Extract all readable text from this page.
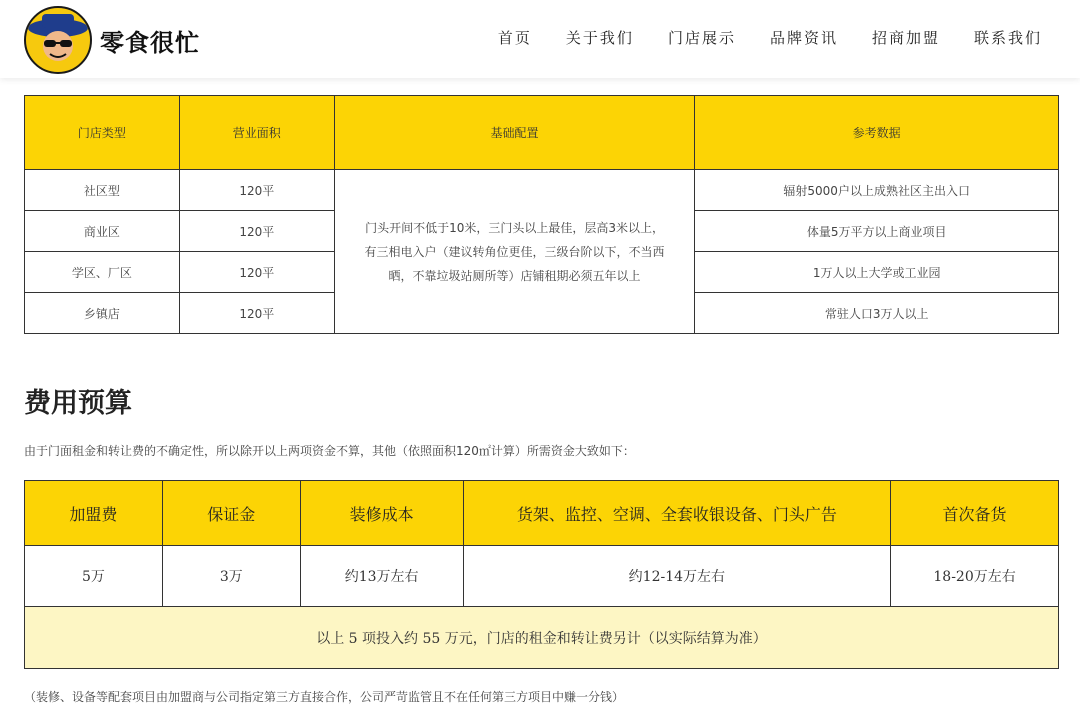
零食很忙	首页 关于我们 门店展示 品牌资讯 招商加盟 联系我们
门店类型	营业面积	基础配置	参考数据
社区型	120平	门头开间不低于10米，三门头以上最佳，层高3米以上，有三相电入户（建议转角位更佳，三级台阶以下，不当西晒，不靠垃圾站厕所等）店铺租期必须五年以上	辐射5000户以上成熟社区主出入口
商业区	120平		体量5万平方以上商业项目
学区、厂区	120平		1万人以上大学或工业园
乡镇店	120平		常驻人口3万人以上
费用预算
由于门面租金和转让费的不确定性，所以除开以上两项资金不算，其他（依照面积120㎡计算）所需资金大致如下：
加盟费	保证金	装修成本	货架、监控、空调、全套收银设备、门头广告	首次备货
5万	3万	约13万左右	约12-14万左右	18-20万左右
以上 5 项投入约 55 万元，门店的租金和转让费另计（以实际结算为准）				
（装修、设备等配套项目由加盟商与公司指定第三方直接合作，公司严苛监管且不在任何第三方项目中赚一分钱）
